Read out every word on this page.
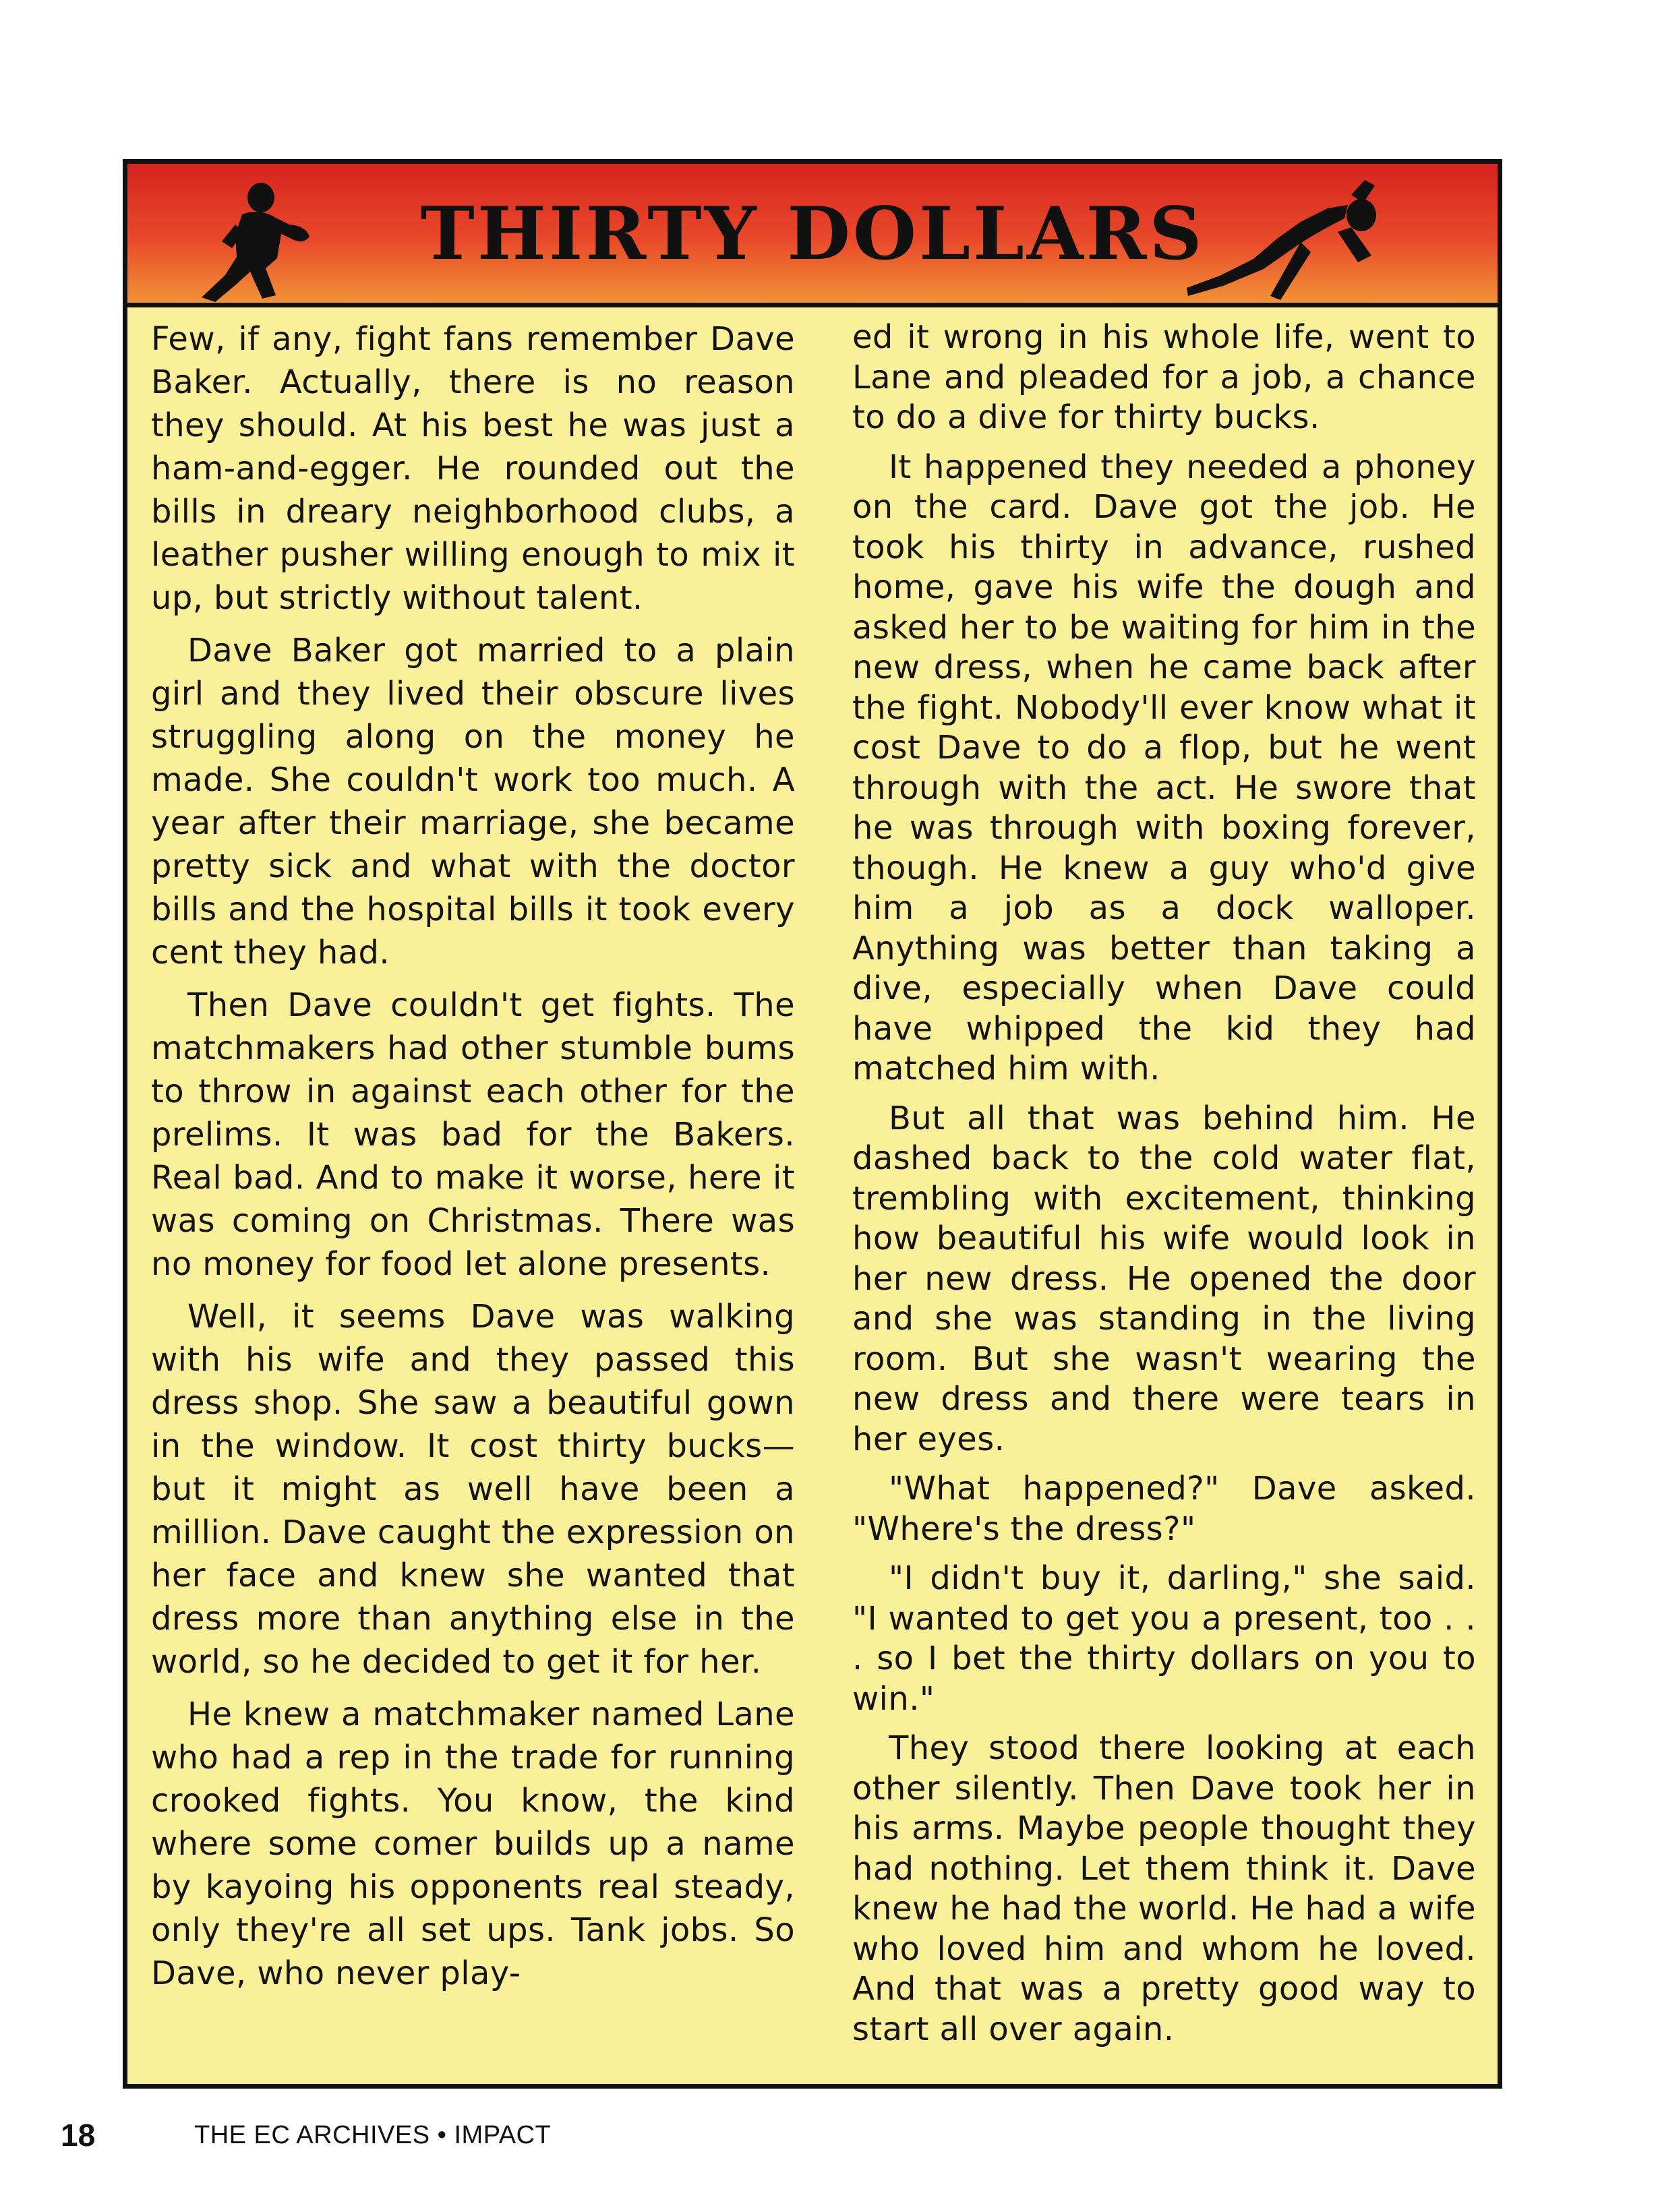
THIRTY DOLLARS

Few, if any, fight fans remember Dave Baker. Actually, there is no reason they should. At his best he was just a ham-and-egger. He rounded out the bills in dreary neighborhood clubs, a leather pusher willing enough to mix it up, but strictly without talent.

Dave Baker got married to a plain girl and they lived their obscure lives struggling along on the money he made. She couldn't work too much. A year after their marriage, she became pretty sick and what with the doctor bills and the hospital bills it took every cent they had.

Then Dave couldn't get fights. The matchmakers had other stumble bums to throw in against each other for the prelims. It was bad for the Bakers. Real bad. And to make it worse, here it was coming on Christmas. There was no money for food let alone presents.

Well, it seems Dave was walking with his wife and they passed this dress shop. She saw a beautiful gown in the window. It cost thirty bucks— but it might as well have been a million. Dave caught the expression on her face and knew she wanted that dress more than anything else in the world, so he decided to get it for her.

He knew a matchmaker named Lane who had a rep in the trade for running crooked fights. You know, the kind where some comer builds up a name by kayoing his opponents real steady, only they're all set ups. Tank jobs. So Dave, who never play-

ed it wrong in his whole life, went to Lane and pleaded for a job, a chance to do a dive for thirty bucks.

It happened they needed a phoney on the card. Dave got the job. He took his thirty in advance, rushed home, gave his wife the dough and asked her to be waiting for him in the new dress, when he came back after the fight. Nobody'll ever know what it cost Dave to do a flop, but he went through with the act. He swore that he was through with boxing forever, though. He knew a guy who'd give him a job as a dock walloper. Anything was better than taking a dive, especially when Dave could have whipped the kid they had matched him with.

But all that was behind him. He dashed back to the cold water flat, trembling with excitement, thinking how beautiful his wife would look in her new dress. He opened the door and she was standing in the living room. But she wasn't wearing the new dress and there were tears in her eyes.

"What happened?" Dave asked. "Where's the dress?"

"I didn't buy it, darling," she said. "I wanted to get you a present, too . . . so I bet the thirty dollars on you to win."

They stood there looking at each other silently. Then Dave took her in his arms. Maybe people thought they had nothing. Let them think it. Dave knew he had the world. He had a wife who loved him and whom he loved. And that was a pretty good way to start all over again.

18	THE EC ARCHIVES • IMPACT
